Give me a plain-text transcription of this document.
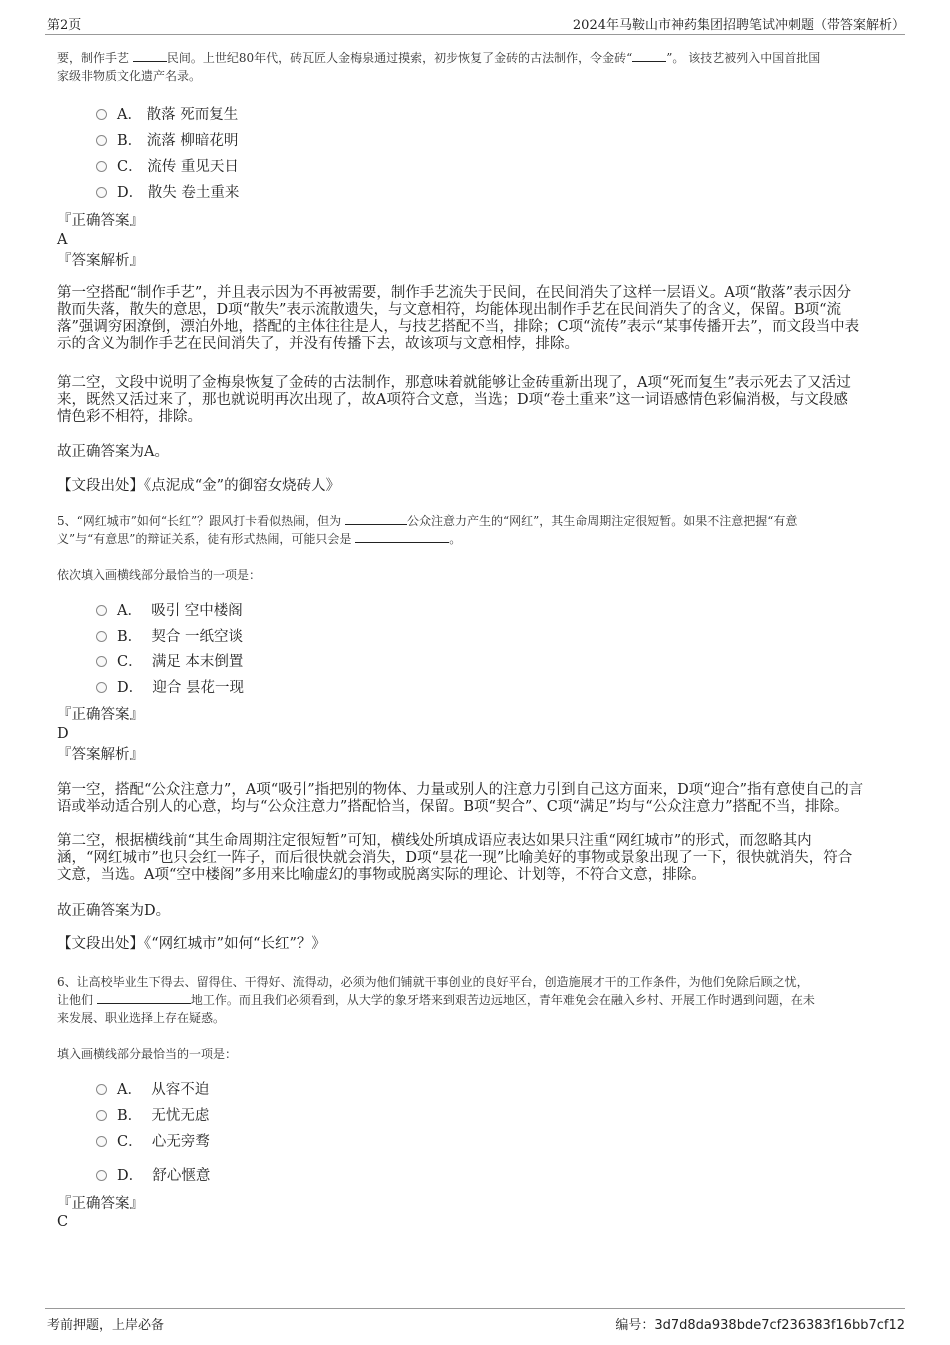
第2页	2024年马鞍山市神药集团招聘笔试冲刺题（带答案解析）
要，制作手艺	民间。上世纪80年代，砖瓦匠人金梅泉通过摸索，初步恢复了金砖的古法制作，令金砖“	”。 该技艺被列入中国首批国
家级非物质文化遗产名录。
A． 散落 死而复生
B． 流落 柳暗花明
C． 流传 重见天日
D． 散失 卷土重来
『正确答案』
A
『答案解析』
第一空搭配“制作手艺”，并且表示因为不再被需要，制作手艺流失于民间，在民间消失了这样一层语义。A项“散落”表示因分
散而失落，散失的意思，D项“散失”表示流散遗失，与文意相符，均能体现出制作手艺在民间消失了的含义，保留。B项“流
落”强调穷困潦倒，漂泊外地，搭配的主体往往是人，与技艺搭配不当，排除；C项“流传”表示“某事传播开去”，而文段当中表
示的含义为制作手艺在民间消失了，并没有传播下去，故该项与文意相悖，排除。
第二空，文段中说明了金梅泉恢复了金砖的古法制作，那意味着就能够让金砖重新出现了，A项“死而复生”表示死去了又活过
来，既然又活过来了，那也就说明再次出现了，故A项符合文意，当选；D项“卷土重来”这一词语感情色彩偏消极，与文段感
情色彩不相符，排除。
故正确答案为A。
【文段出处】《点泥成“金”的御窑女烧砖人》
5、“网红城市”如何“长红”？跟风打卡看似热闹，但为	公众注意力产生的“网红”，其生命周期注定很短暂。如果不注意把握“有意
义”与“有意思”的辩证关系，徒有形式热闹，可能只会是	。
依次填入画横线部分最恰当的一项是：
A． 吸引 空中楼阁
B． 契合 一纸空谈
C． 满足 本末倒置
D． 迎合 昙花一现
『正确答案』
D
『答案解析』
第一空，搭配“公众注意力”，A项“吸引”指把别的物体、力量或别人的注意力引到自己这方面来，D项“迎合”指有意使自己的言
语或举动适合别人的心意，均与“公众注意力”搭配恰当，保留。B项“契合”、C项“满足”均与“公众注意力”搭配不当，排除。
第二空，根据横线前“其生命周期注定很短暂”可知，横线处所填成语应表达如果只注重“网红城市”的形式，而忽略其内
涵，“网红城市”也只会红一阵子，而后很快就会消失，D项“昙花一现”比喻美好的事物或景象出现了一下，很快就消失，符合
文意，当选。A项“空中楼阁”多用来比喻虚幻的事物或脱离实际的理论、计划等，不符合文意，排除。
故正确答案为D。
【文段出处】《“网红城市”如何“长红”？》
6、让高校毕业生下得去、留得住、干得好、流得动，必须为他们铺就干事创业的良好平台，创造施展才干的工作条件，为他们免除后顾之忧，
让他们	地工作。而且我们必须看到，从大学的象牙塔来到艰苦边远地区，青年难免会在融入乡村、开展工作时遇到问题，在未
来发展、职业选择上存在疑惑。
填入画横线部分最恰当的一项是：
A． 从容不迫
B． 无忧无虑
C． 心无旁骛
D． 舒心惬意
『正确答案』
C
考前押题，上岸必备	编号：3d7d8da938bde7cf236383f16bb7cf12
